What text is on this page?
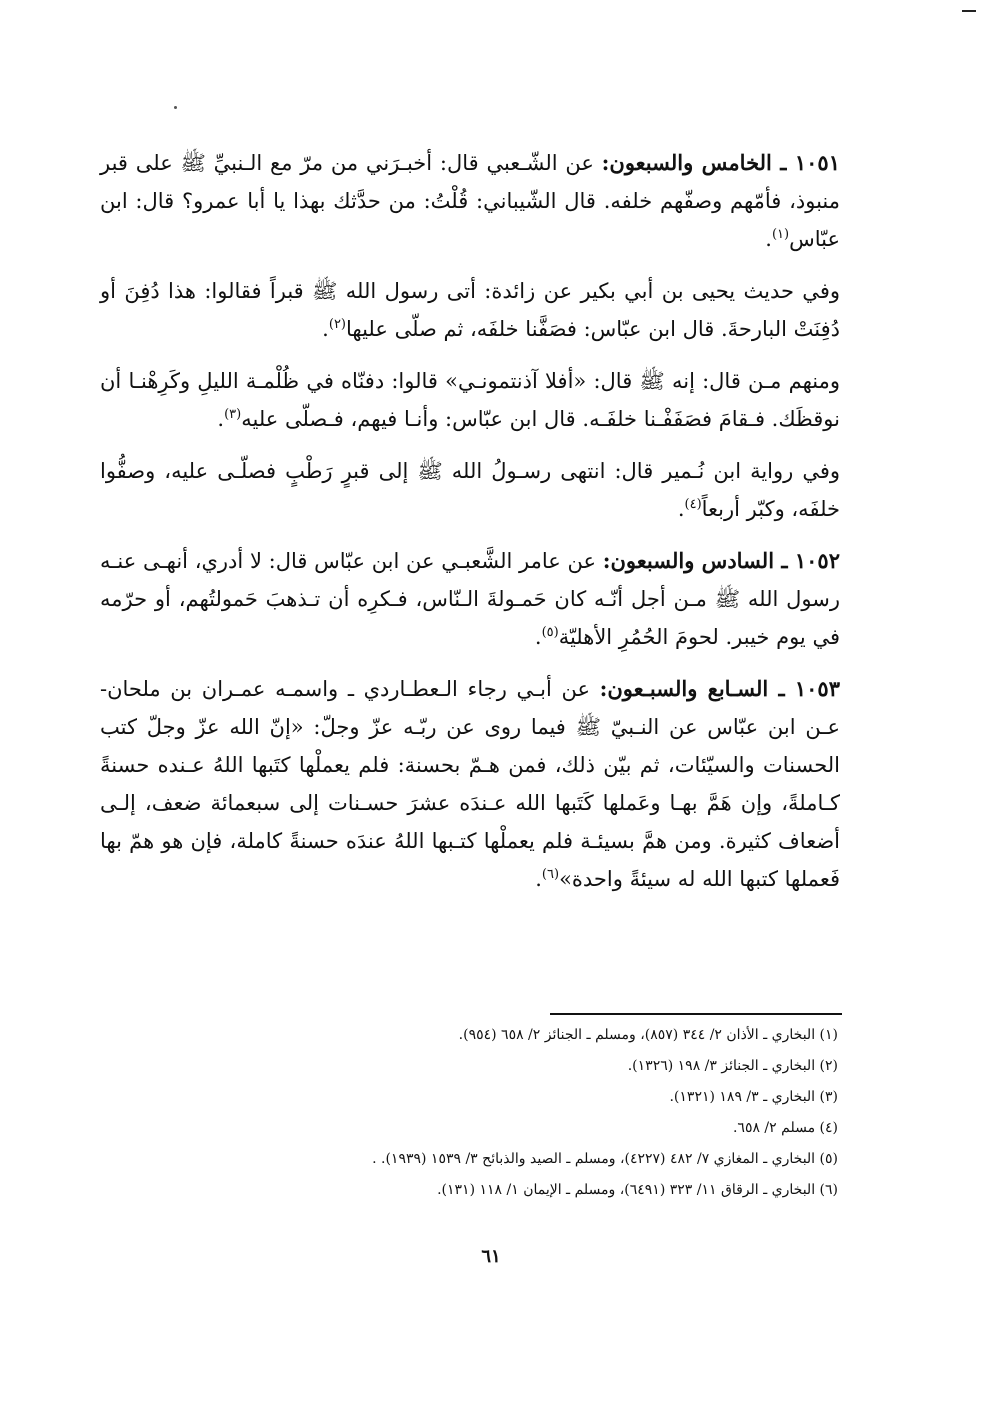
١٠٥١ ـ الخامس والسبعون: عن الشّـعبي قال: أخبـرَني من مرّ مع الـنبيِّ ﷺ على قبر منبوذ، فأمّهم وصفّهم خلفه. قال الشّيباني: قُلْتُ: من حدَّثك بهذا يا أبا عمرو؟ قال: ابن عبّاس$^{(١)}$.

وفي حديث يحيى بن أبي بكير عن زائدة: أتى رسول الله ﷺ قبراً فقالوا: هذا دُفِنَ أو دُفِنَتْ البارحةَ. قال ابن عبّاس: فصَفَّنا خلفَه، ثم صلّى عليها$^{(٢)}$.

ومنهم مـن قال: إنه ﷺ قال: «أفلا آذنتمونـي» قالوا: دفنّاه في ظُلْمـة الليلِ وكَرِهْنـا أن نوقظَك. فـقامَ فصَفَفْـنا خلفَـه. قال ابن عبّاس: وأنـا فيهم، فـصلّى عليه$^{(٣)}$.

وفي رواية ابن نُـمير قال: انتهى رسـولُ الله ﷺ إلى قبرٍ رَطْبٍ فصلّـى عليه، وصفُّوا خلفَه، وكبّر أربعاً$^{(٤)}$.

١٠٥٢ ـ السادس والسبعون: عن عامر الشَّعبـي عن ابن عبّاس قال: لا أدري، أنهـى عنـه رسول الله ﷺ مـن أجل أنّـه كان حَمـولةَ الـنّاس، فـكرِه أن تـذهبَ حَمولتُهم، أو حرّمه في يوم خيبر. لحومَ الحُمُرِ الأهليّة$^{(٥)}$.

١٠٥٣ ـ السـابع والسبـعون: عن أبـي رجاء الـعطـاردي ـ واسمـه عمـران بن ملحان- عـن ابن عبّاس عن النـبيّ ﷺ فيما روى عن ربّـه عزّ وجلّ: «إنّ الله عزّ وجلّ كتب الحسنات والسيّئات، ثم بيّن ذلك، فمن هـمّ بحسنة: فلم يعملْها كتَبها اللهُ عـنده حسنةً كـاملةً، وإن هَمَّ بهـا وعَملها كَتَبها الله عـندَه عشرَ حسـنات إلى سبعمائة ضعف، إلـى أضعاف كثيرة. ومن همَّ بسيئـة فلم يعملْها كتـبها اللهُ عندَه حسنةً كاملة، فإن هو همّ بها فَعملها كتبها الله له سيئةً واحدة»$^{(٦)}$.

(١) البخاري ـ الأذان ٢/ ٣٤٤ (٨٥٧)، ومسلم ـ الجنائز ٢/ ٦٥٨ (٩٥٤).
(٢) البخاري ـ الجنائز ٣/ ١٩٨ (١٣٢٦).
(٣) البخاري ـ ٣/ ١٨٩ (١٣٢١).
(٤) مسلم ٢/ ٦٥٨.
(٥) البخاري ـ المغازي ٧/ ٤٨٢ (٤٢٢٧)، ومسلم ـ الصيد والذبائح ٣/ ١٥٣٩ (١٩٣٩). .
(٦) البخاري ـ الرقاق ١١/ ٣٢٣ (٦٤٩١)، ومسلم ـ الإيمان ١/ ١١٨ (١٣١).
٦١
